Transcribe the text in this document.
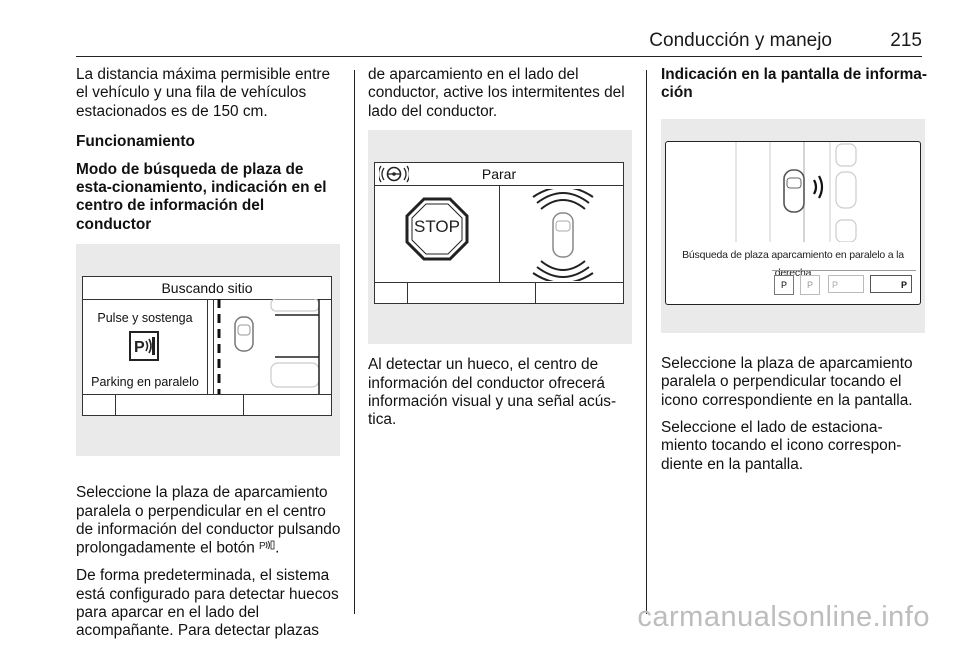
Conducción y manejo	215

La distancia máxima permisible entre el vehículo y una fila de vehículos estacionados es de 150 cm.

Funcionamiento

Modo de búsqueda de plaza de esta-cionamiento, indicación en el centro de información del conductor

Buscando sitio
Pulse y sostenga
P
Parking en paralelo

Seleccione la plaza de aparcamiento paralela o perpendicular en el centro de información del conductor pulsando prolongadamente el botón P .

De forma predeterminada, el sistema está configurado para detectar huecos para aparcar en el lado del acompañante. Para detectar plazas

de aparcamiento en el lado del conductor, active los intermitentes del lado del conductor.

Parar
STOP

Al detectar un hueco, el centro de información del conductor ofrecerá información visual y una señal acús-tica.

Indicación en la pantalla de informa-ción

Búsqueda de plaza aparcamiento en paralelo a la derecha
P	P	P	P

Seleccione la plaza de aparcamiento paralela o perpendicular tocando el icono correspondiente en la pantalla.

Seleccione el lado de estaciona-miento tocando el icono correspon-diente en la pantalla.

carmanualsonline.info
